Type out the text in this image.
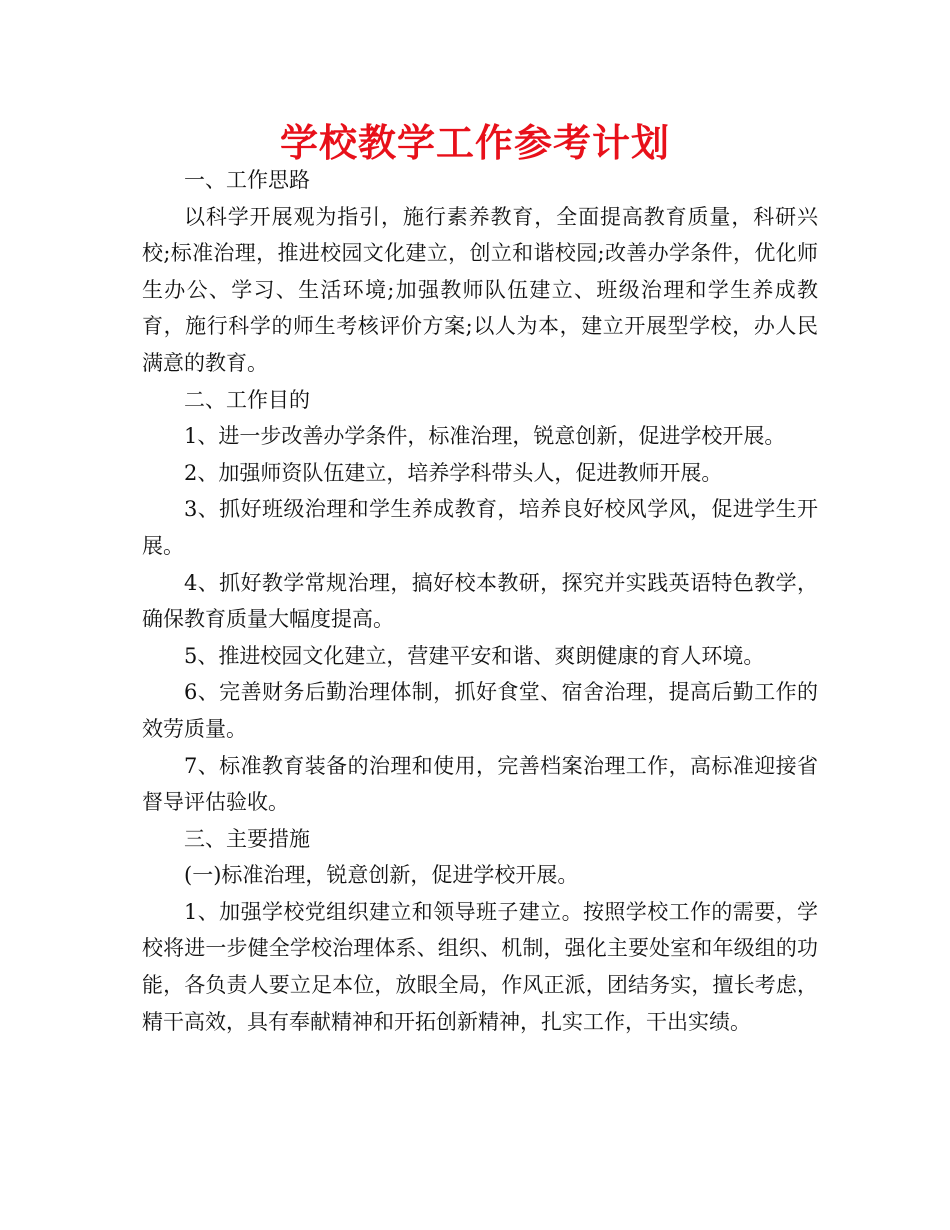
学校教学工作参考计划

一、工作思路

以科学开展观为指引，施行素养教育，全面提高教育质量，科研兴校;标准治理，推进校园文化建立，创立和谐校园;改善办学条件，优化师生办公、学习、生活环境;加强教师队伍建立、班级治理和学生养成教育，施行科学的师生考核评价方案;以人为本，建立开展型学校，办人民满意的教育。

二、工作目的

1、进一步改善办学条件，标准治理，锐意创新，促进学校开展。

2、加强师资队伍建立，培养学科带头人，促进教师开展。

3、抓好班级治理和学生养成教育，培养良好校风学风，促进学生开展。

4、抓好教学常规治理，搞好校本教研，探究并实践英语特色教学，确保教育质量大幅度提高。

5、推进校园文化建立，营建平安和谐、爽朗健康的育人环境。

6、完善财务后勤治理体制，抓好食堂、宿舍治理，提高后勤工作的效劳质量。

7、标准教育装备的治理和使用，完善档案治理工作，高标准迎接省督导评估验收。

三、主要措施

(一)标准治理，锐意创新，促进学校开展。

1、加强学校党组织建立和领导班子建立。按照学校工作的需要，学校将进一步健全学校治理体系、组织、机制，强化主要处室和年级组的功能，各负责人要立足本位，放眼全局，作风正派，团结务实，擅长考虑，精干高效，具有奉献精神和开拓创新精神，扎实工作，干出实绩。
